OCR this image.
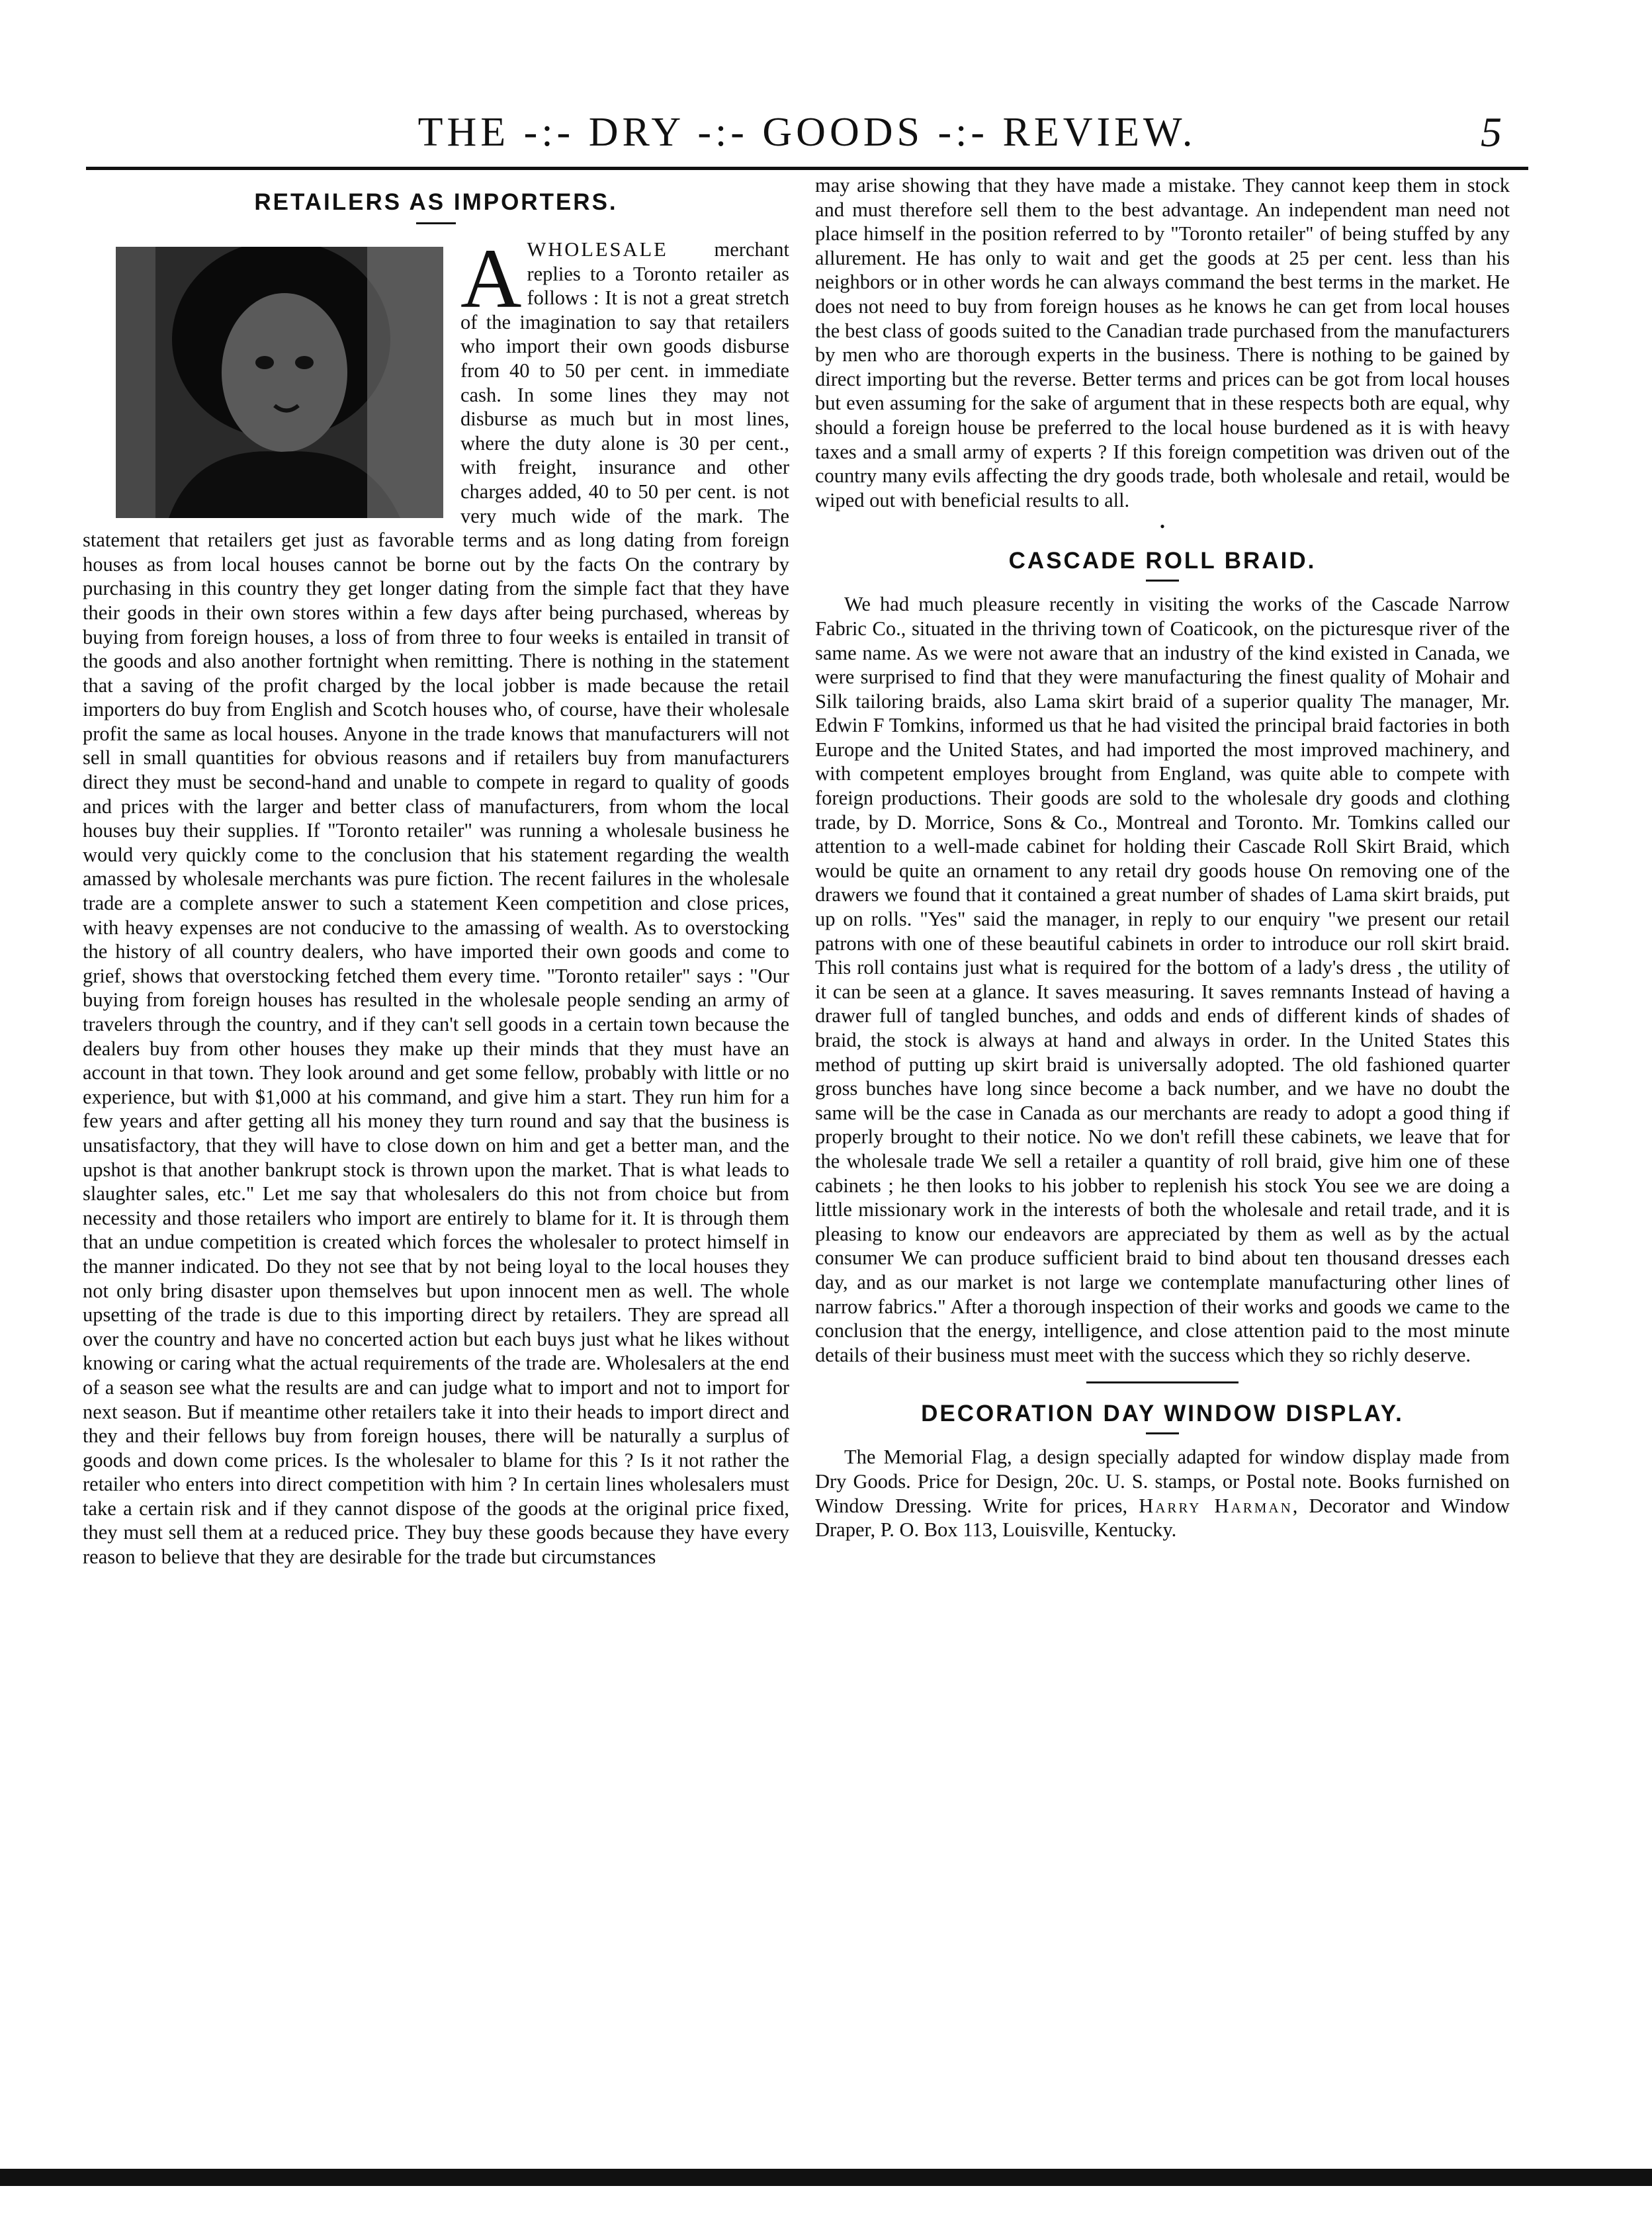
THE -:- DRY -:- GOODS -:- REVIEW.	5
RETAILERS AS IMPORTERS.
A WHOLESALE merchant replies to a Toronto retailer as follows : It is not a great stretch of the imagination to say that retailers who import their own goods disburse from 40 to 50 per cent. in immediate cash. In some lines they may not disburse as much but in most lines, where the duty alone is 30 per cent., with freight, insurance and other charges added, 40 to 50 per cent. is not very much wide of the mark. The statement that retailers get just as favorable terms and as long dating from foreign houses as from local houses cannot be borne out by the facts On the contrary by purchasing in this country they get longer dating from the simple fact that they have their goods in their own stores within a few days after being purchased, whereas by buying from foreign houses, a loss of from three to four weeks is entailed in transit of the goods and also another fortnight when remitting. There is nothing in the statement that a saving of the profit charged by the local jobber is made because the retail importers do buy from English and Scotch houses who, of course, have their wholesale profit the same as local houses. Anyone in the trade knows that manufacturers will not sell in small quantities for obvious reasons and if retailers buy from manufacturers direct they must be second-hand and unable to compete in regard to quality of goods and prices with the larger and better class of manufacturers, from whom the local houses buy their supplies. If "Toronto retailer" was running a wholesale business he would very quickly come to the conclusion that his statement regarding the wealth amassed by wholesale merchants was pure fiction. The recent failures in the wholesale trade are a complete answer to such a statement Keen competition and close prices, with heavy expenses are not conducive to the amassing of wealth. As to overstocking the history of all country dealers, who have imported their own goods and come to grief, shows that overstocking fetched them every time. "Toronto retailer" says : "Our buying from foreign houses has resulted in the wholesale people sending an army of travelers through the country, and if they can't sell goods in a certain town because the dealers buy from other houses they make up their minds that they must have an account in that town. They look around and get some fellow, probably with little or no experience, but with $1,000 at his command, and give him a start. They run him for a few years and after getting all his money they turn round and say that the business is unsatisfactory, that they will have to close down on him and get a better man, and the upshot is that another bankrupt stock is thrown upon the market. That is what leads to slaughter sales, etc." Let me say that wholesalers do this not from choice but from necessity and those retailers who import are entirely to blame for it. It is through them that an undue competition is created which forces the wholesaler to protect himself in the manner indicated. Do they not see that by not being loyal to the local houses they not only bring disaster upon themselves but upon innocent men as well. The whole upsetting of the trade is due to this importing direct by retailers. They are spread all over the country and have no concerted action but each buys just what he likes without knowing or caring what the actual requirements of the trade are. Wholesalers at the end of a season see what the results are and can judge what to import and not to import for next season. But if meantime other retailers take it into their heads to import direct and they and their fellows buy from foreign houses, there will be naturally a surplus of goods and down come prices. Is the wholesaler to blame for this ? Is it not rather the retailer who enters into direct competition with him ? In certain lines wholesalers must take a certain risk and if they cannot dispose of the goods at the original price fixed, they must sell them at a reduced price. They buy these goods because they have every reason to believe that they are desirable for the trade but circumstances

may arise showing that they have made a mistake. They cannot keep them in stock and must therefore sell them to the best advantage. An independent man need not place himself in the position referred to by "Toronto retailer" of being stuffed by any allurement. He has only to wait and get the goods at 25 per cent. less than his neighbors or in other words he can always command the best terms in the market. He does not need to buy from foreign houses as he knows he can get from local houses the best class of goods suited to the Canadian trade purchased from the manufacturers by men who are thorough experts in the business. There is nothing to be gained by direct importing but the reverse. Better terms and prices can be got from local houses but even assuming for the sake of argument that in these respects both are equal, why should a foreign house be preferred to the local house burdened as it is with heavy taxes and a small army of experts ? If this foreign competition was driven out of the country many evils affecting the dry goods trade, both wholesale and retail, would be wiped out with beneficial results to all.

•
CASCADE ROLL BRAID.

We had much pleasure recently in visiting the works of the Cascade Narrow Fabric Co., situated in the thriving town of Coaticook, on the picturesque river of the same name. As we were not aware that an industry of the kind existed in Canada, we were surprised to find that they were manufacturing the finest quality of Mohair and Silk tailoring braids, also Lama skirt braid of a superior quality The manager, Mr. Edwin F Tomkins, informed us that he had visited the principal braid factories in both Europe and the United States, and had imported the most improved machinery, and with competent employes brought from England, was quite able to compete with foreign productions. Their goods are sold to the wholesale dry goods and clothing trade, by D. Morrice, Sons & Co., Montreal and Toronto. Mr. Tomkins called our attention to a well-made cabinet for holding their Cascade Roll Skirt Braid, which would be quite an ornament to any retail dry goods house On removing one of the drawers we found that it contained a great number of shades of Lama skirt braids, put up on rolls. "Yes" said the manager, in reply to our enquiry "we present our retail patrons with one of these beautiful cabinets in order to introduce our roll skirt braid. This roll contains just what is required for the bottom of a lady's dress , the utility of it can be seen at a glance. It saves measuring. It saves remnants Instead of having a drawer full of tangled bunches, and odds and ends of different kinds of shades of braid, the stock is always at hand and always in order. In the United States this method of putting up skirt braid is universally adopted. The old fashioned quarter gross bunches have long since become a back number, and we have no doubt the same will be the case in Canada as our merchants are ready to adopt a good thing if properly brought to their notice. No we don't refill these cabinets, we leave that for the wholesale trade We sell a retailer a quantity of roll braid, give him one of these cabinets ; he then looks to his jobber to replenish his stock You see we are doing a little missionary work in the interests of both the wholesale and retail trade, and it is pleasing to know our endeavors are appreciated by them as well as by the actual consumer We can produce sufficient braid to bind about ten thousand dresses each day, and as our market is not large we contemplate manufacturing other lines of narrow fabrics." After a thorough inspection of their works and goods we came to the conclusion that the energy, intelligence, and close attention paid to the most minute details of their business must meet with the success which they so richly deserve.

DECORATION DAY WINDOW DISPLAY.

The Memorial Flag, a design specially adapted for window display made from Dry Goods. Price for Design, 20c. U. S. stamps, or Postal note. Books furnished on Window Dressing. Write for prices, Harry Harman, Decorator and Window Draper, P. O. Box 113, Louisville, Kentucky.
